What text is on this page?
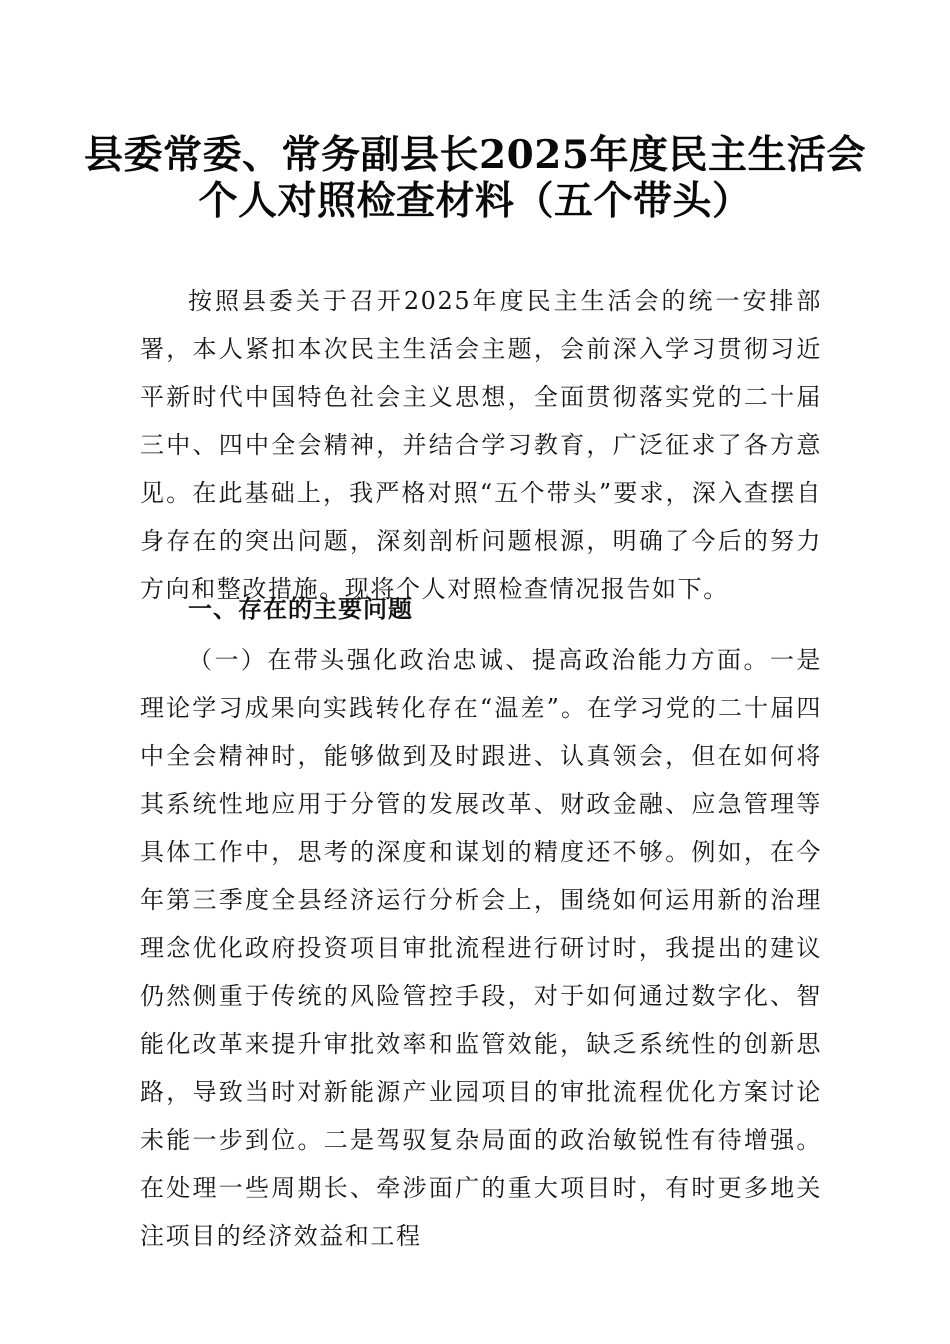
县委常委、常务副县长2025年度民主生活会
个人对照检查材料（五个带头）

按照县委关于召开2025年度民主生活会的统一安排部署，本人紧扣本次民主生活会主题，会前深入学习贯彻习近平新时代中国特色社会主义思想，全面贯彻落实党的二十届三中、四中全会精神，并结合学习教育，广泛征求了各方意见。在此基础上，我严格对照“五个带头”要求，深入查摆自身存在的突出问题，深刻剖析问题根源，明确了今后的努力方向和整改措施。现将个人对照检查情况报告如下。

一、存在的主要问题

（一）在带头强化政治忠诚、提高政治能力方面。一是理论学习成果向实践转化存在“温差”。在学习党的二十届四中全会精神时，能够做到及时跟进、认真领会，但在如何将其系统性地应用于分管的发展改革、财政金融、应急管理等具体工作中，思考的深度和谋划的精度还不够。例如，在今年第三季度全县经济运行分析会上，围绕如何运用新的治理理念优化政府投资项目审批流程进行研讨时，我提出的建议仍然侧重于传统的风险管控手段，对于如何通过数字化、智能化改革来提升审批效率和监管效能，缺乏系统性的创新思路，导致当时对新能源产业园项目的审批流程优化方案讨论未能一步到位。二是驾驭复杂局面的政治敏锐性有待增强。在处理一些周期长、牵涉面广的重大项目时，有时更多地关注项目的经济效益和工程
